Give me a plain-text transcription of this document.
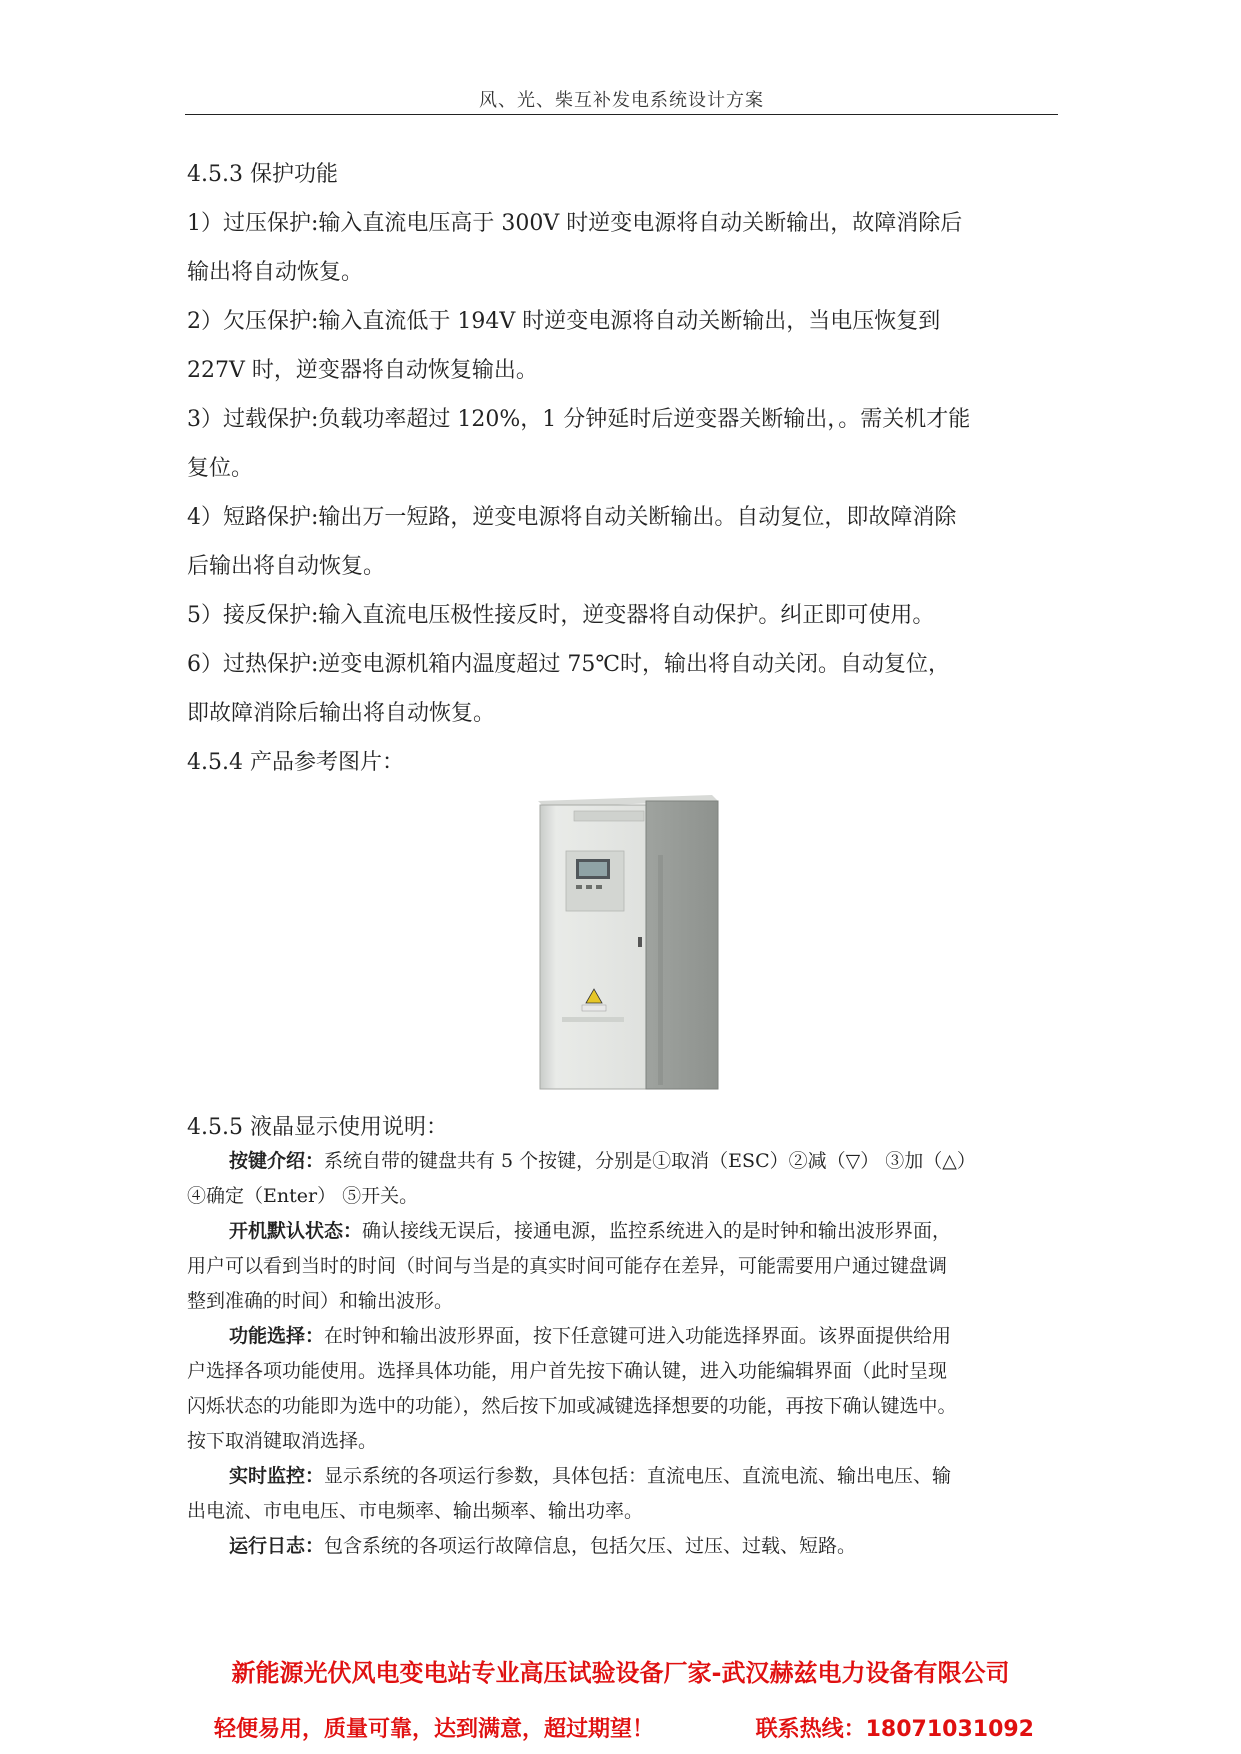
风、光、柴互补发电系统设计方案
4.5.3 保护功能
1）过压保护:输入直流电压高于 300V 时逆变电源将自动关断输出，故障消除后
输出将自动恢复。
2）欠压保护:输入直流低于 194V 时逆变电源将自动关断输出，当电压恢复到
227V 时，逆变器将自动恢复输出。
3）过载保护:负载功率超过 120%，1 分钟延时后逆变器关断输出，。需关机才能
复位。
4）短路保护:输出万一短路，逆变电源将自动关断输出。自动复位，即故障消除
后输出将自动恢复。
5）接反保护:输入直流电压极性接反时，逆变器将自动保护。纠正即可使用。
6）过热保护:逆变电源机箱内温度超过 75℃时，输出将自动关闭。自动复位，
即故障消除后输出将自动恢复。
4.5.4 产品参考图片：
4.5.5 液晶显示使用说明：
按键介绍：系统自带的键盘共有 5 个按键，分别是①取消（ESC）②减（▽） ③加（△）
④确定（Enter） ⑤开关。
开机默认状态：确认接线无误后，接通电源，监控系统进入的是时钟和输出波形界面，
用户可以看到当时的时间（时间与当是的真实时间可能存在差异，可能需要用户通过键盘调
整到准确的时间）和输出波形。
功能选择：在时钟和输出波形界面，按下任意键可进入功能选择界面。该界面提供给用
户选择各项功能使用。选择具体功能，用户首先按下确认键，进入功能编辑界面（此时呈现
闪烁状态的功能即为选中的功能），然后按下加或减键选择想要的功能，再按下确认键选中。
按下取消键取消选择。
实时监控：显示系统的各项运行参数，具体包括：直流电压、直流电流、输出电压、输
出电流、市电电压、市电频率、输出频率、输出功率。
运行日志：包含系统的各项运行故障信息，包括欠压、过压、过载、短路。
新能源光伏风电变电站专业高压试验设备厂家-武汉赫兹电力设备有限公司
轻便易用，质量可靠，达到满意，超过期望！	联系热线：18071031092
